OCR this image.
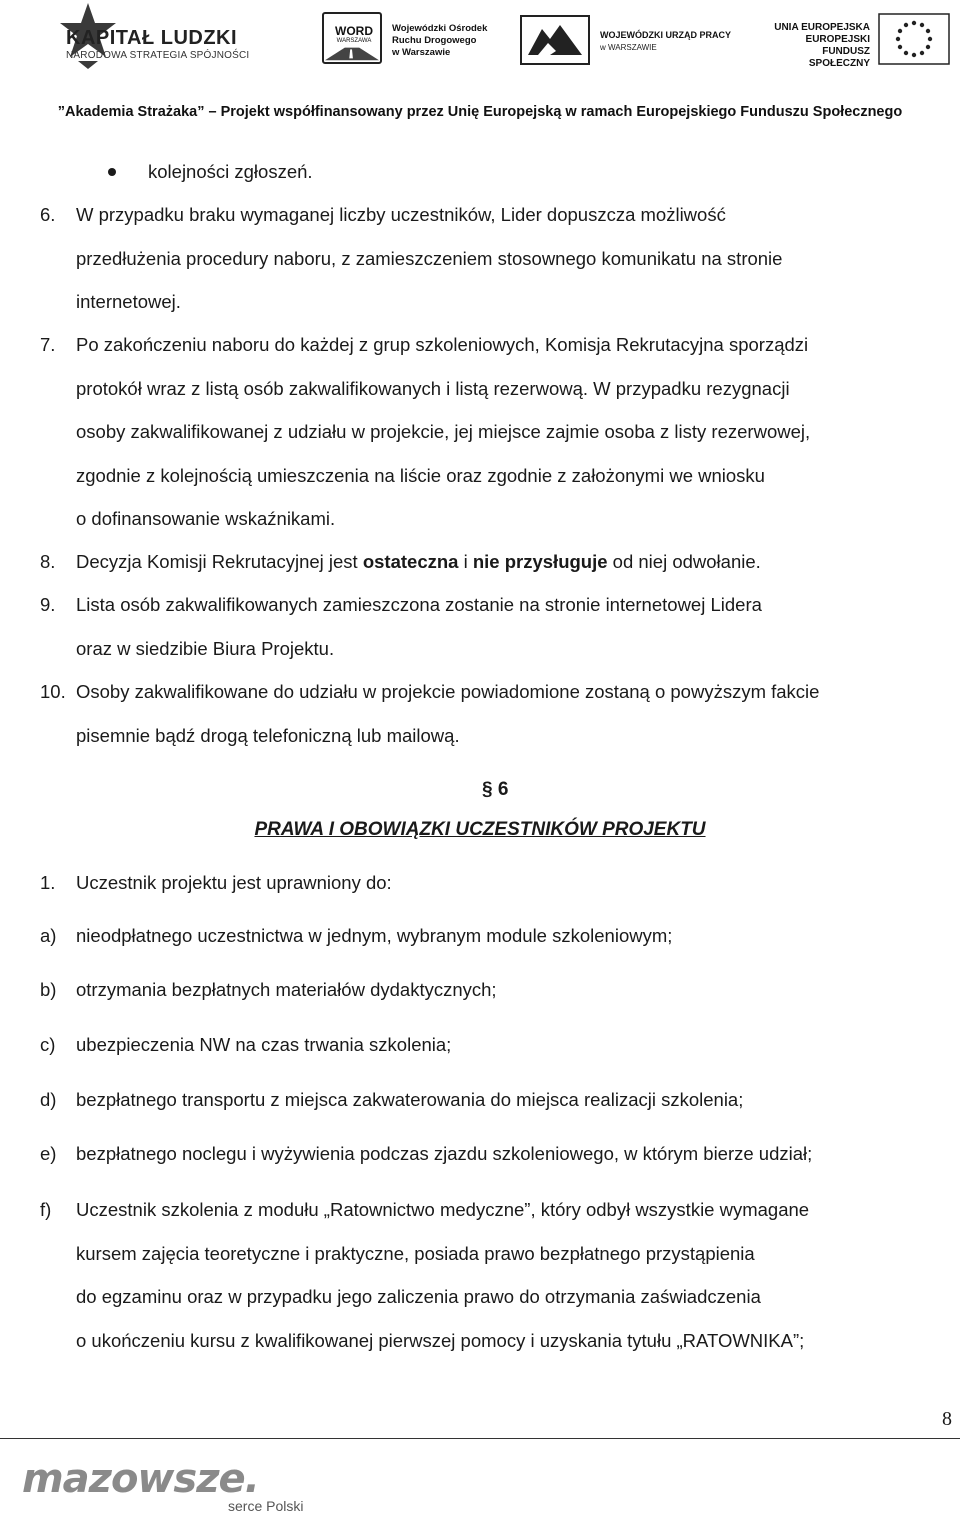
KAPITAŁ LUDZKI
NARODOWA STRATEGIA SPÓJNOŚCI
WORD
WARSZAWA
Wojewódzki Ośrodek
Ruchu Drogowego
w Warszawie
WOJEWÓDZKI URZĄD PRACY
w WARSZAWIE
UNIA EUROPEJSKA
EUROPEJSKI
FUNDUSZ SPOŁECZNY
”Akademia Strażaka” – Projekt współfinansowany przez Unię Europejską w ramach Europejskiego Funduszu Społecznego
kolejności zgłoszeń.
6. W przypadku braku wymaganej liczby uczestników, Lider dopuszcza możliwość
przedłużenia procedury naboru, z zamieszczeniem stosownego komunikatu na stronie
internetowej.
7. Po zakończeniu naboru do każdej z grup szkoleniowych, Komisja Rekrutacyjna sporządzi
protokół wraz z listą osób zakwalifikowanych i listą rezerwową. W przypadku rezygnacji
osoby zakwalifikowanej z udziału w projekcie, jej miejsce zajmie osoba z listy rezerwowej,
zgodnie z kolejnością umieszczenia na liście oraz zgodnie z założonymi we wniosku
o dofinansowanie wskaźnikami.
8. Decyzja Komisji Rekrutacyjnej jest ostateczna i nie przysługuje od niej odwołanie.
9. Lista osób zakwalifikowanych zamieszczona zostanie na stronie internetowej Lidera
oraz w siedzibie Biura Projektu.
10. Osoby zakwalifikowane do udziału w projekcie powiadomione zostaną o powyższym fakcie
pisemnie bądź drogą telefoniczną lub mailową.
§ 6
PRAWA I OBOWIĄZKI UCZESTNIKÓW PROJEKTU
1. Uczestnik projektu jest uprawniony do:
a) nieodpłatnego uczestnictwa w jednym, wybranym module szkoleniowym;
b) otrzymania bezpłatnych materiałów dydaktycznych;
c) ubezpieczenia NW na czas trwania szkolenia;
d) bezpłatnego transportu z miejsca zakwaterowania do miejsca realizacji szkolenia;
e) bezpłatnego noclegu i wyżywienia podczas zjazdu szkoleniowego, w którym bierze udział;
f) Uczestnik szkolenia z modułu „Ratownictwo medyczne”, który odbył wszystkie wymagane
kursem zajęcia teoretyczne i praktyczne, posiada prawo bezpłatnego przystąpienia
do egzaminu oraz w przypadku jego zaliczenia prawo do otrzymania zaświadczenia
o ukończeniu kursu z kwalifikowanej pierwszej pomocy i uzyskania tytułu „RATOWNIKA”;
8
mazowsze.
serce Polski
